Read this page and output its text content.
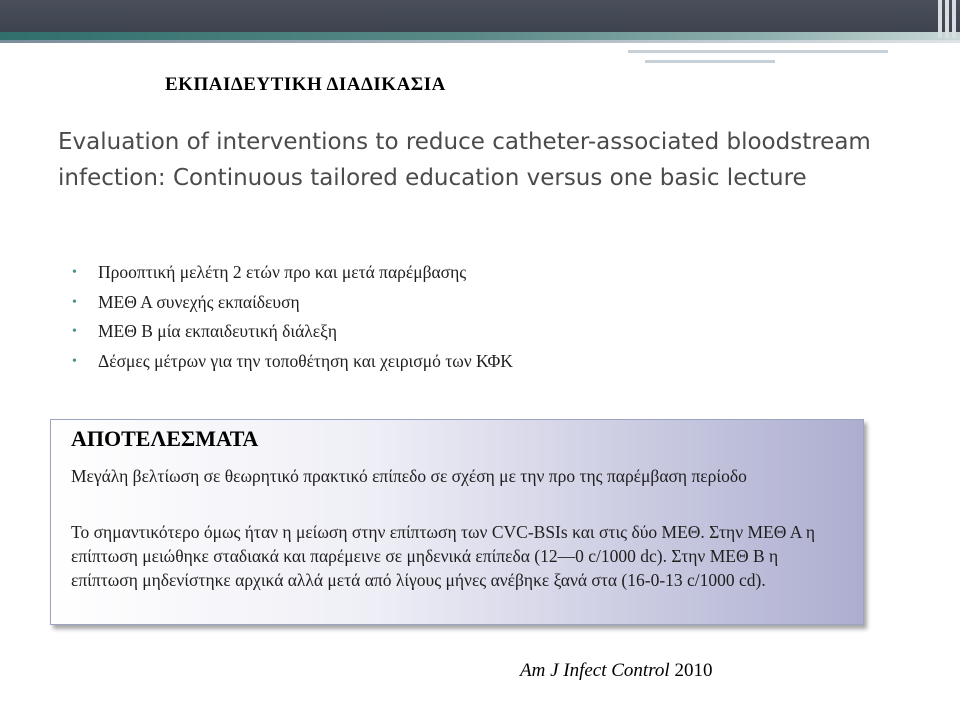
ΕΚΠΑΙΔΕΥΤΙΚΗ ΔΙΑΔΙΚΑΣΙΑ
Evaluation of interventions to reduce catheter-associated bloodstream infection: Continuous tailored education versus one basic lecture
• Προοπτική μελέτη 2 ετών προ και μετά παρέμβασης
• ΜΕΘ Α συνεχής εκπαίδευση
• ΜΕΘ Β μία εκπαιδευτική διάλεξη
• Δέσμες μέτρων για την τοποθέτηση και χειρισμό των ΚΦΚ
ΑΠΟΤΕΛΕΣΜΑΤΑ
Μεγάλη βελτίωση σε θεωρητικό πρακτικό επίπεδο σε σχέση με την προ της παρέμβαση περίοδο
Το σημαντικότερο όμως ήταν η μείωση στην επίπτωση των CVC-BSIs και στις δύο ΜΕΘ. Στην ΜΕΘ Α η επίπτωση μειώθηκε σταδιακά και παρέμεινε σε μηδενικά επίπεδα (12—0 c/1000 dc). Στην ΜΕΘ Β η επίπτωση μηδενίστηκε αρχικά αλλά μετά από λίγους μήνες ανέβηκε ξανά στα (16-0-13 c/1000 cd).
Am J Infect Control 2010
